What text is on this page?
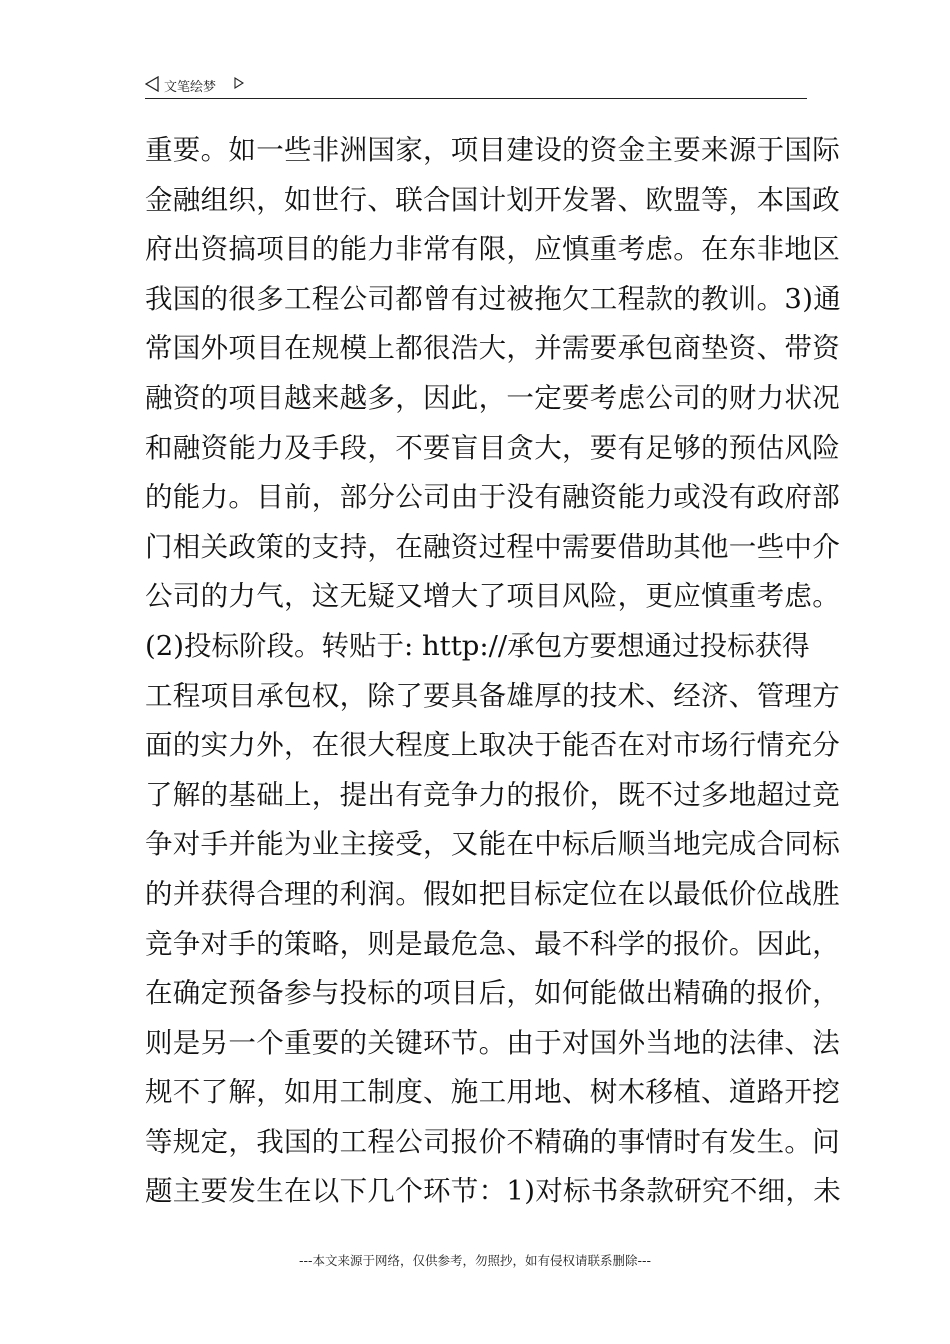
文笔绘梦
重要。如一些非洲国家，项目建设的资金主要来源于国际
金融组织，如世行、联合国计划开发署、欧盟等，本国政
府出资搞项目的能力非常有限，应慎重考虑。在东非地区
我国的很多工程公司都曾有过被拖欠工程款的教训。3)通
常国外项目在规模上都很浩大，并需要承包商垫资、带资
融资的项目越来越多，因此，一定要考虑公司的财力状况
和融资能力及手段，不要盲目贪大，要有足够的预估风险
的能力。目前，部分公司由于没有融资能力或没有政府部
门相关政策的支持，在融资过程中需要借助其他一些中介
公司的力气，这无疑又增大了项目风险，更应慎重考虑。
(2)投标阶段。转贴于: http://承包方要想通过投标获得
工程项目承包权，除了要具备雄厚的技术、经济、管理方
面的实力外，在很大程度上取决于能否在对市场行情充分
了解的基础上，提出有竞争力的报价，既不过多地超过竞
争对手并能为业主接受，又能在中标后顺当地完成合同标
的并获得合理的利润。假如把目标定位在以最低价位战胜
竞争对手的策略，则是最危急、最不科学的报价。因此，
在确定预备参与投标的项目后，如何能做出精确的报价，
则是另一个重要的关键环节。由于对国外当地的法律、法
规不了解，如用工制度、施工用地、树木移植、道路开挖
等规定，我国的工程公司报价不精确的事情时有发生。问
题主要发生在以下几个环节：1)对标书条款研究不细，未
---本文来源于网络，仅供参考，勿照抄，如有侵权请联系删除---
